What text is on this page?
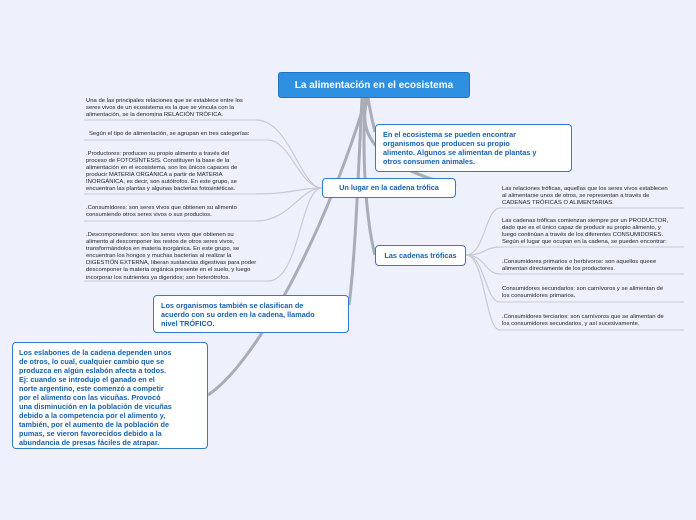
La alimentación en el ecosistema
Un lugar en la cadena trófica
En el ecosistema se pueden encontrar
organismos que producen su propio
alimento. Algunos se alimentan de plantas y
otros consumen animales.
Las cadenas tróficas
Los organismos también se clasifican de
acuerdo con su orden en la cadena, llamado
nivel TRÓFICO.
Los eslabones de la cadena dependen unos
de otros, lo cual, cualquier cambio que se
produzca en algún eslabón afecta a todos.
Ej: cuando se introdujo el ganado en el
norte argentino, este comenzó a competir
por el alimento con las vicuñas. Provocó
una disminución en la población de vicuñas
debido a la competencia por el alimento y,
también, por el aumento de la población de
pumas, se vieron favorecidos debido a la
abundancia de presas fáciles de atrapar.
Una de las principales relaciones que se establece entre los
seres vivos de un ecosistema es la que se vincula con la
alimentación, se la denomina RELACIÓN TRÓFICA.
Según el tipo de alimentación, se agrupan en tres categorías:
.Productores: producen su propio alimento a través del
proceso de FOTOSÍNTESIS. Constituyen la base de la
alimentación en el ecosistema, son los únicos capaces de
producir MATERIA ORGÁNICA a partir de MATERIA
INORGÁNICA, es decir, son autótrofos. En este grupo, se
encuentran las plantas y algunas bacterias fotosintéticas.
.Consumidores: son seres vivos que obtienen su alimento
consumiendo otros seres vivos o sus productos.
.Descomponedores: son los seres vivos que obtienen su
alimento al descomponer los restos de otros seres vivos,
transformándolos en materia inorgánica. En este grupo, se
encuentran los hongos y muchas bacterias al realizar la
DIGESTIÓN EXTERNA, liberan sustancias digestivas para poder
descomponer la materia orgánica presente en el suelo, y luego
incorporar los nutrientes ya digeridos; son heterótrofos.
Las relaciones tróficas, aquellas que los seres vivos establecen
al alimentarse unos de otros, se representan a través de
CADENAS TRÓFICAS O ALIMENTARIAS.
Las cadenas tróficas comienzan siempre por un PRODUCTOR,
dado que es el único capaz de producir su propio alimento, y
luego continúan a través de los diferentes CONSUMIDORES.
Según el lugar que ocupan en la cadena, se pueden encontrar:
.Consumidores primarios o herbívoros: son aquellos queee
alimentan directamente de los productores.
Consumidores secundarios: son carnívoros y se alimentan de
los consumidores primarios.
.Consumidores terciarios: son carnívoros que se alimentan de
los consumidores secundarios, y así sucesivamente.
